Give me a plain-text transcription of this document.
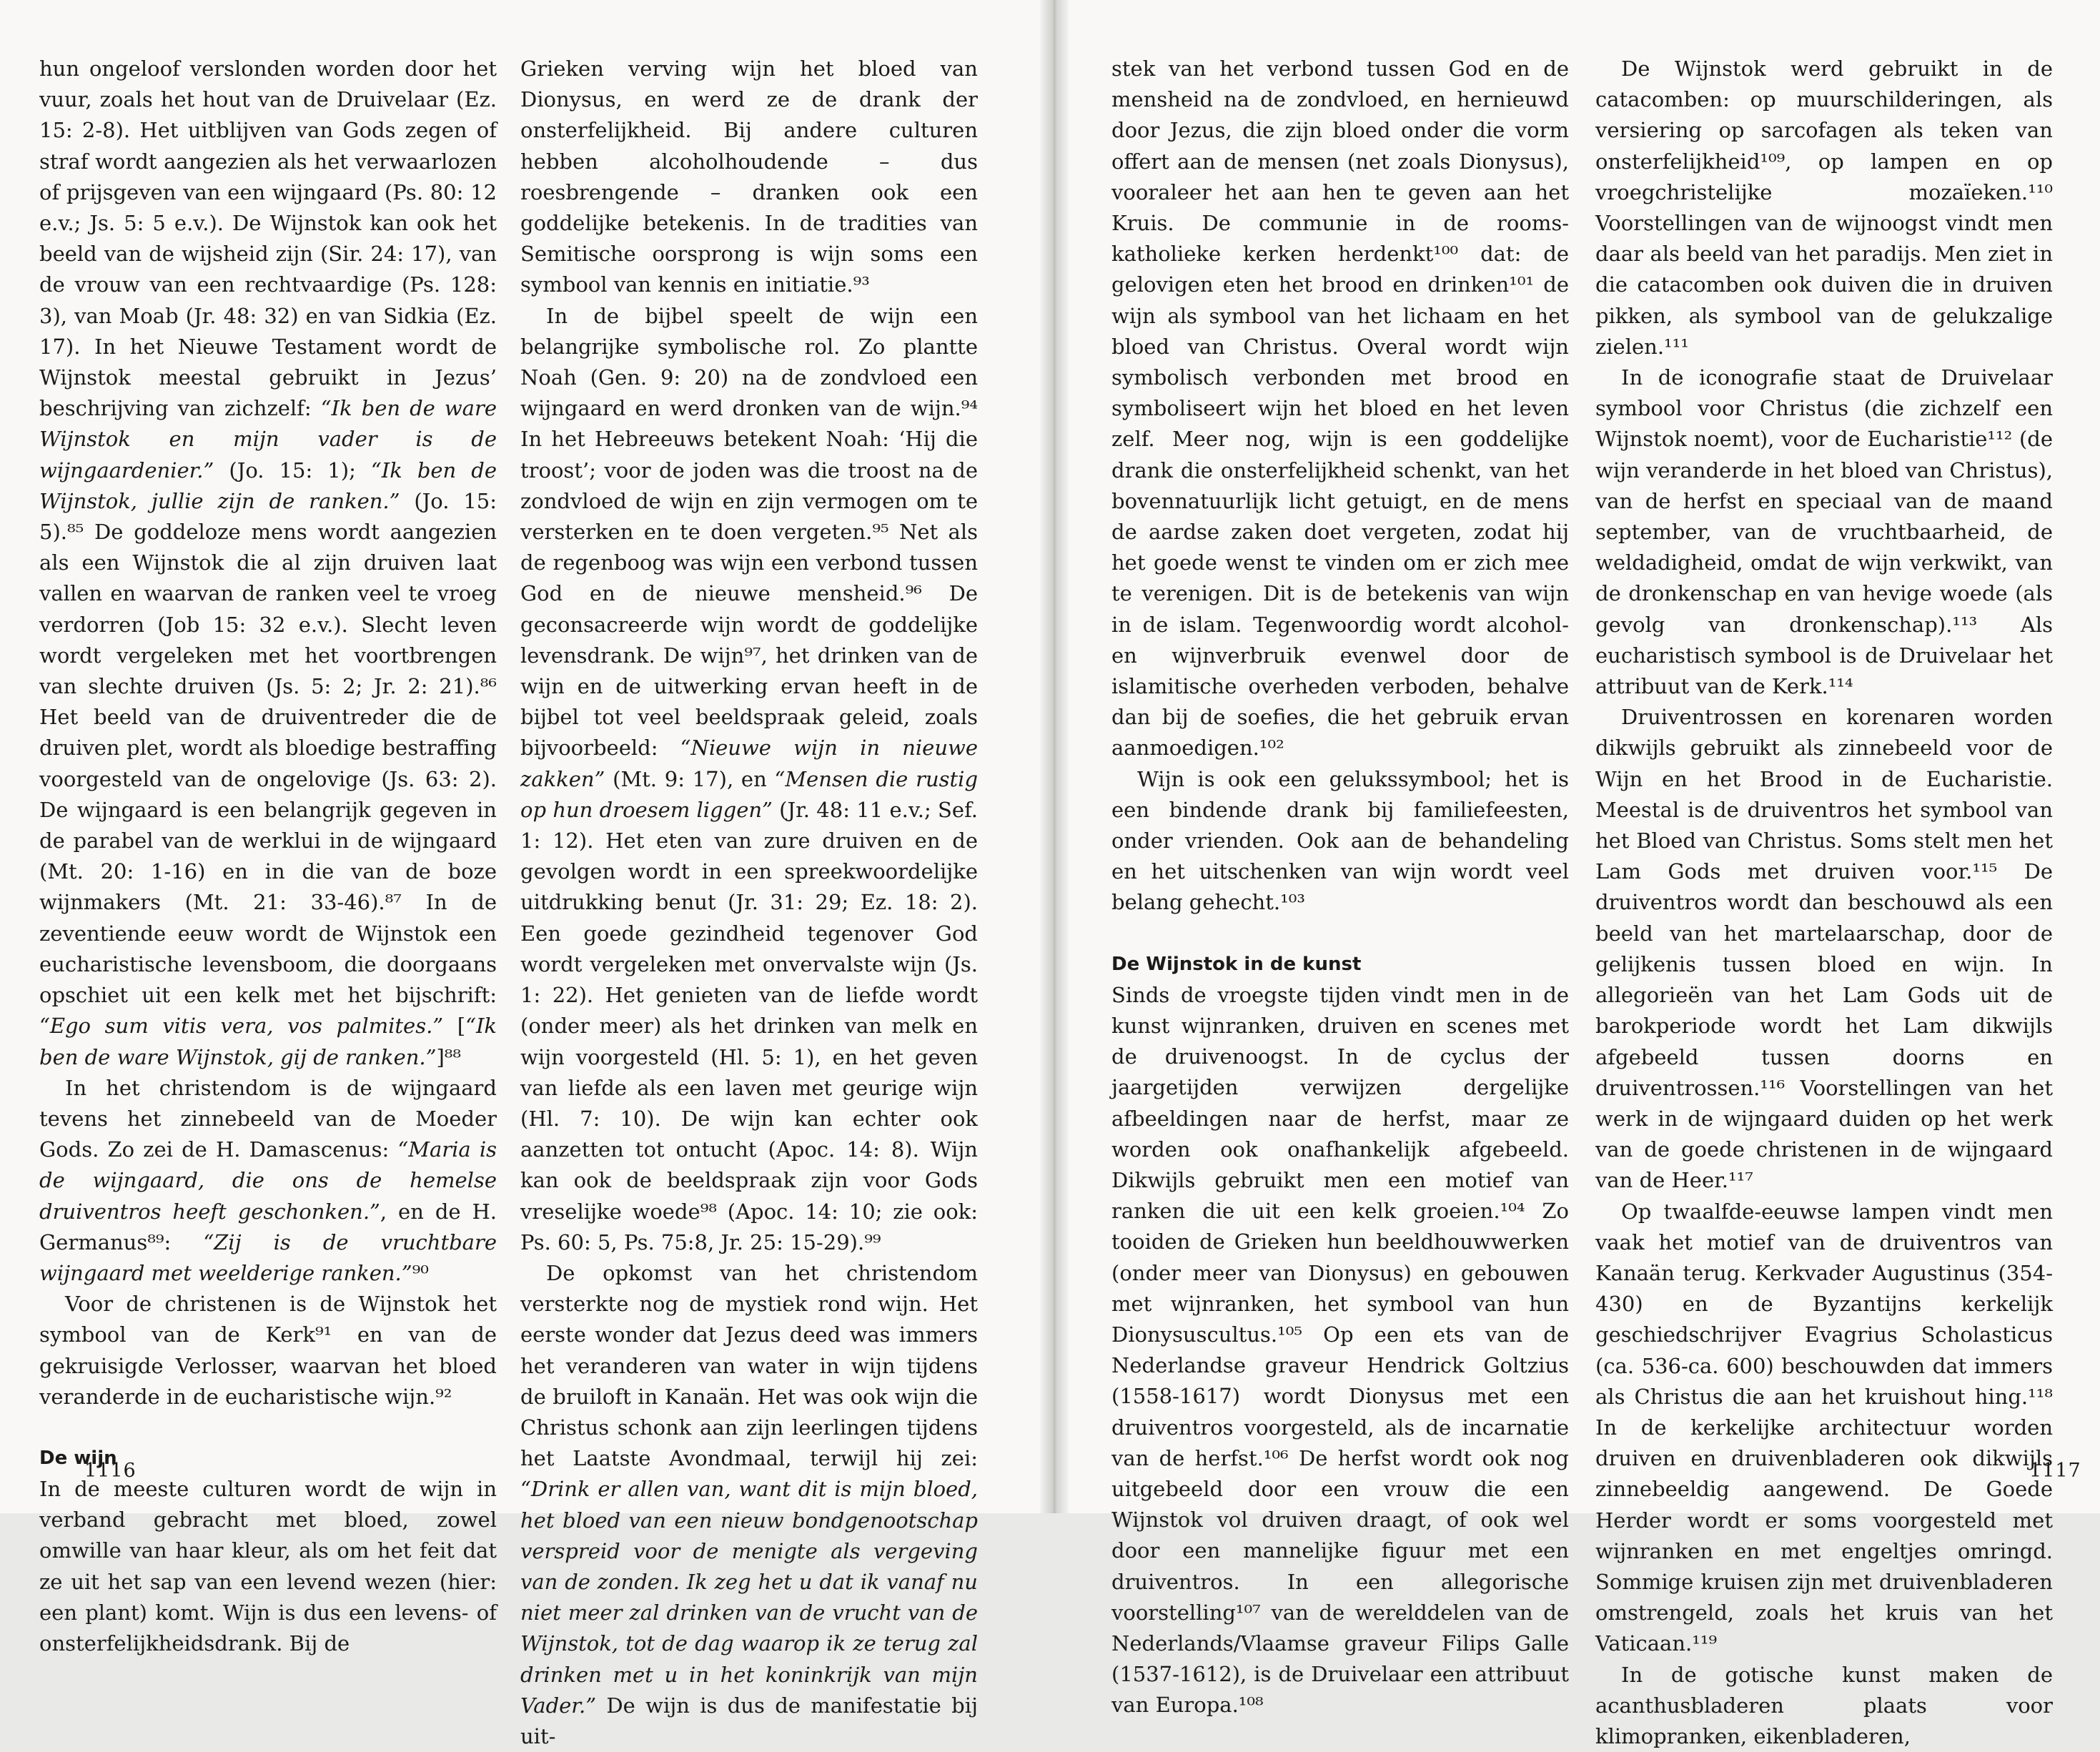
hun ongeloof verslonden worden door het vuur, zoals het hout van de Druivelaar (Ez. 15: 2-8). Het uitblijven van Gods zegen of straf wordt aangezien als het verwaarlozen of prijsgeven van een wijngaard (Ps. 80: 12 e.v.; Js. 5: 5 e.v.). De Wijnstok kan ook het beeld van de wijsheid zijn (Sir. 24: 17), van de vrouw van een rechtvaardige (Ps. 128: 3), van Moab (Jr. 48: 32) en van Sidkia (Ez. 17). In het Nieuwe Testament wordt de Wijnstok meestal gebruikt in Jezus’ beschrijving van zichzelf: “Ik ben de ware Wijnstok en mijn vader is de wijngaardenier.” (Jo. 15: 1); “Ik ben de Wijnstok, jullie zijn de ranken.” (Jo. 15: 5).⁸⁵ De goddeloze mens wordt aangezien als een Wijnstok die al zijn druiven laat vallen en waarvan de ranken veel te vroeg verdorren (Job 15: 32 e.v.). Slecht leven wordt vergeleken met het voortbrengen van slechte druiven (Js. 5: 2; Jr. 2: 21).⁸⁶ Het beeld van de druiventreder die de druiven plet, wordt als bloedige bestraffing voorgesteld van de ongelovige (Js. 63: 2). De wijngaard is een belangrijk gegeven in de parabel van de werklui in de wijngaard (Mt. 20: 1-16) en in die van de boze wijnmakers (Mt. 21: 33-46).⁸⁷ In de zeventiende eeuw wordt de Wijnstok een eucharistische levensboom, die doorgaans opschiet uit een kelk met het bijschrift: “Ego sum vitis vera, vos palmites.” [“Ik ben de ware Wijnstok, gij de ranken.”]⁸⁸

In het christendom is de wijngaard tevens het zinnebeeld van de Moeder Gods. Zo zei de H. Damascenus: “Maria is de wijngaard, die ons de hemelse druiventros heeft geschonken.”, en de H. Germanus⁸⁹: “Zij is de vruchtbare wijngaard met weelderige ranken.”⁹⁰

Voor de christenen is de Wijnstok het symbool van de Kerk⁹¹ en van de gekruisigde Verlosser, waarvan het bloed veranderde in de eucharistische wijn.⁹²

De wijn

In de meeste culturen wordt de wijn in verband gebracht met bloed, zowel omwille van haar kleur, als om het feit dat ze uit het sap van een levend wezen (hier: een plant) komt. Wijn is dus een levens- of onsterfelijkheidsdrank. Bij de

Grieken verving wijn het bloed van Dionysus, en werd ze de drank der onsterfelijkheid. Bij andere culturen hebben alcoholhoudende – dus roesbrengende – dranken ook een goddelijke betekenis. In de tradities van Semitische oorsprong is wijn soms een symbool van kennis en initiatie.⁹³

In de bijbel speelt de wijn een belangrijke symbolische rol. Zo plantte Noah (Gen. 9: 20) na de zondvloed een wijngaard en werd dronken van de wijn.⁹⁴ In het Hebreeuws betekent Noah: ‘Hij die troost’; voor de joden was die troost na de zondvloed de wijn en zijn vermogen om te versterken en te doen vergeten.⁹⁵ Net als de regenboog was wijn een verbond tussen God en de nieuwe mensheid.⁹⁶ De geconsacreerde wijn wordt de goddelijke levensdrank. De wijn⁹⁷, het drinken van de wijn en de uitwerking ervan heeft in de bijbel tot veel beeldspraak geleid, zoals bijvoorbeeld: “Nieuwe wijn in nieuwe zakken” (Mt. 9: 17), en “Mensen die rustig op hun droesem liggen” (Jr. 48: 11 e.v.; Sef. 1: 12). Het eten van zure druiven en de gevolgen wordt in een spreekwoordelijke uitdrukking benut (Jr. 31: 29; Ez. 18: 2). Een goede gezindheid tegenover God wordt vergeleken met onvervalste wijn (Js. 1: 22). Het genieten van de liefde wordt (onder meer) als het drinken van melk en wijn voorgesteld (Hl. 5: 1), en het geven van liefde als een laven met geurige wijn (Hl. 7: 10). De wijn kan echter ook aanzetten tot ontucht (Apoc. 14: 8). Wijn kan ook de beeldspraak zijn voor Gods vreselijke woede⁹⁸ (Apoc. 14: 10; zie ook: Ps. 60: 5, Ps. 75:8, Jr. 25: 15-29).⁹⁹

De opkomst van het christendom versterkte nog de mystiek rond wijn. Het eerste wonder dat Jezus deed was immers het veranderen van water in wijn tijdens de bruiloft in Kanaän. Het was ook wijn die Christus schonk aan zijn leerlingen tijdens het Laatste Avondmaal, terwijl hij zei: “Drink er allen van, want dit is mijn bloed, het bloed van een nieuw bondgenootschap verspreid voor de menigte als vergeving van de zonden. Ik zeg het u dat ik vanaf nu niet meer zal drinken van de vrucht van de Wijnstok, tot de dag waarop ik ze terug zal drinken met u in het koninkrijk van mijn Vader.” De wijn is dus de manifestatie bij uit-

1116

stek van het verbond tussen God en de mensheid na de zondvloed, en hernieuwd door Jezus, die zijn bloed onder die vorm offert aan de mensen (net zoals Dionysus), vooraleer het aan hen te geven aan het Kruis. De communie in de rooms-katholieke kerken herdenkt¹⁰⁰ dat: de gelovigen eten het brood en drinken¹⁰¹ de wijn als symbool van het lichaam en het bloed van Christus. Overal wordt wijn symbolisch verbonden met brood en symboliseert wijn het bloed en het leven zelf. Meer nog, wijn is een goddelijke drank die onsterfelijkheid schenkt, van het bovennatuurlijk licht getuigt, en de mens de aardse zaken doet vergeten, zodat hij het goede wenst te vinden om er zich mee te verenigen. Dit is de betekenis van wijn in de islam. Tegenwoordig wordt alcohol- en wijnverbruik evenwel door de islamitische overheden verboden, behalve dan bij de soefies, die het gebruik ervan aanmoedigen.¹⁰²

Wijn is ook een gelukssymbool; het is een bindende drank bij familiefeesten, onder vrienden. Ook aan de behandeling en het uitschenken van wijn wordt veel belang gehecht.¹⁰³

De Wijnstok in de kunst

Sinds de vroegste tijden vindt men in de kunst wijnranken, druiven en scenes met de druivenoogst. In de cyclus der jaargetijden verwijzen dergelijke afbeeldingen naar de herfst, maar ze worden ook onafhankelijk afgebeeld. Dikwijls gebruikt men een motief van ranken die uit een kelk groeien.¹⁰⁴ Zo tooiden de Grieken hun beeldhouwwerken (onder meer van Dionysus) en gebouwen met wijnranken, het symbool van hun Dionysuscultus.¹⁰⁵ Op een ets van de Nederlandse graveur Hendrick Goltzius (1558-1617) wordt Dionysus met een druiventros voorgesteld, als de incarnatie van de herfst.¹⁰⁶ De herfst wordt ook nog uitgebeeld door een vrouw die een Wijnstok vol druiven draagt, of ook wel door een mannelijke figuur met een druiventros. In een allegorische voorstelling¹⁰⁷ van de werelddelen van de Nederlands/Vlaamse graveur Filips Galle (1537-1612), is de Druivelaar een attribuut van Europa.¹⁰⁸

De Wijnstok werd gebruikt in de catacomben: op muurschilderingen, als versiering op sarcofagen als teken van onsterfelijkheid¹⁰⁹, op lampen en op vroegchristelijke mozaïeken.¹¹⁰ Voorstellingen van de wijnoogst vindt men daar als beeld van het paradijs. Men ziet in die catacomben ook duiven die in druiven pikken, als symbool van de gelukzalige zielen.¹¹¹

In de iconografie staat de Druivelaar symbool voor Christus (die zichzelf een Wijnstok noemt), voor de Eucharistie¹¹² (de wijn veranderde in het bloed van Christus), van de herfst en speciaal van de maand september, van de vruchtbaarheid, de weldadigheid, omdat de wijn verkwikt, van de dronkenschap en van hevige woede (als gevolg van dronkenschap).¹¹³ Als eucharistisch symbool is de Druivelaar het attribuut van de Kerk.¹¹⁴

Druiventrossen en korenaren worden dikwijls gebruikt als zinnebeeld voor de Wijn en het Brood in de Eucharistie. Meestal is de druiventros het symbool van het Bloed van Christus. Soms stelt men het Lam Gods met druiven voor.¹¹⁵ De druiventros wordt dan beschouwd als een beeld van het martelaarschap, door de gelijkenis tussen bloed en wijn. In allegorieën van het Lam Gods uit de barokperiode wordt het Lam dikwijls afgebeeld tussen doorns en druiventrossen.¹¹⁶ Voorstellingen van het werk in de wijngaard duiden op het werk van de goede christenen in de wijngaard van de Heer.¹¹⁷

Op twaalfde-eeuwse lampen vindt men vaak het motief van de druiventros van Kanaän terug. Kerkvader Augustinus (354-430) en de Byzantijns kerkelijk geschiedschrijver Evagrius Scholasticus (ca. 536-ca. 600) beschouwden dat immers als Christus die aan het kruishout hing.¹¹⁸ In de kerkelijke architectuur worden druiven en druivenbladeren ook dikwijls zinnebeeldig aangewend. De Goede Herder wordt er soms voorgesteld met wijnranken en met engeltjes omringd. Sommige kruisen zijn met druivenbladeren omstrengeld, zoals het kruis van het Vaticaan.¹¹⁹

In de gotische kunst maken de acanthusbladeren plaats voor klimopranken, eikenbladeren,

1117
